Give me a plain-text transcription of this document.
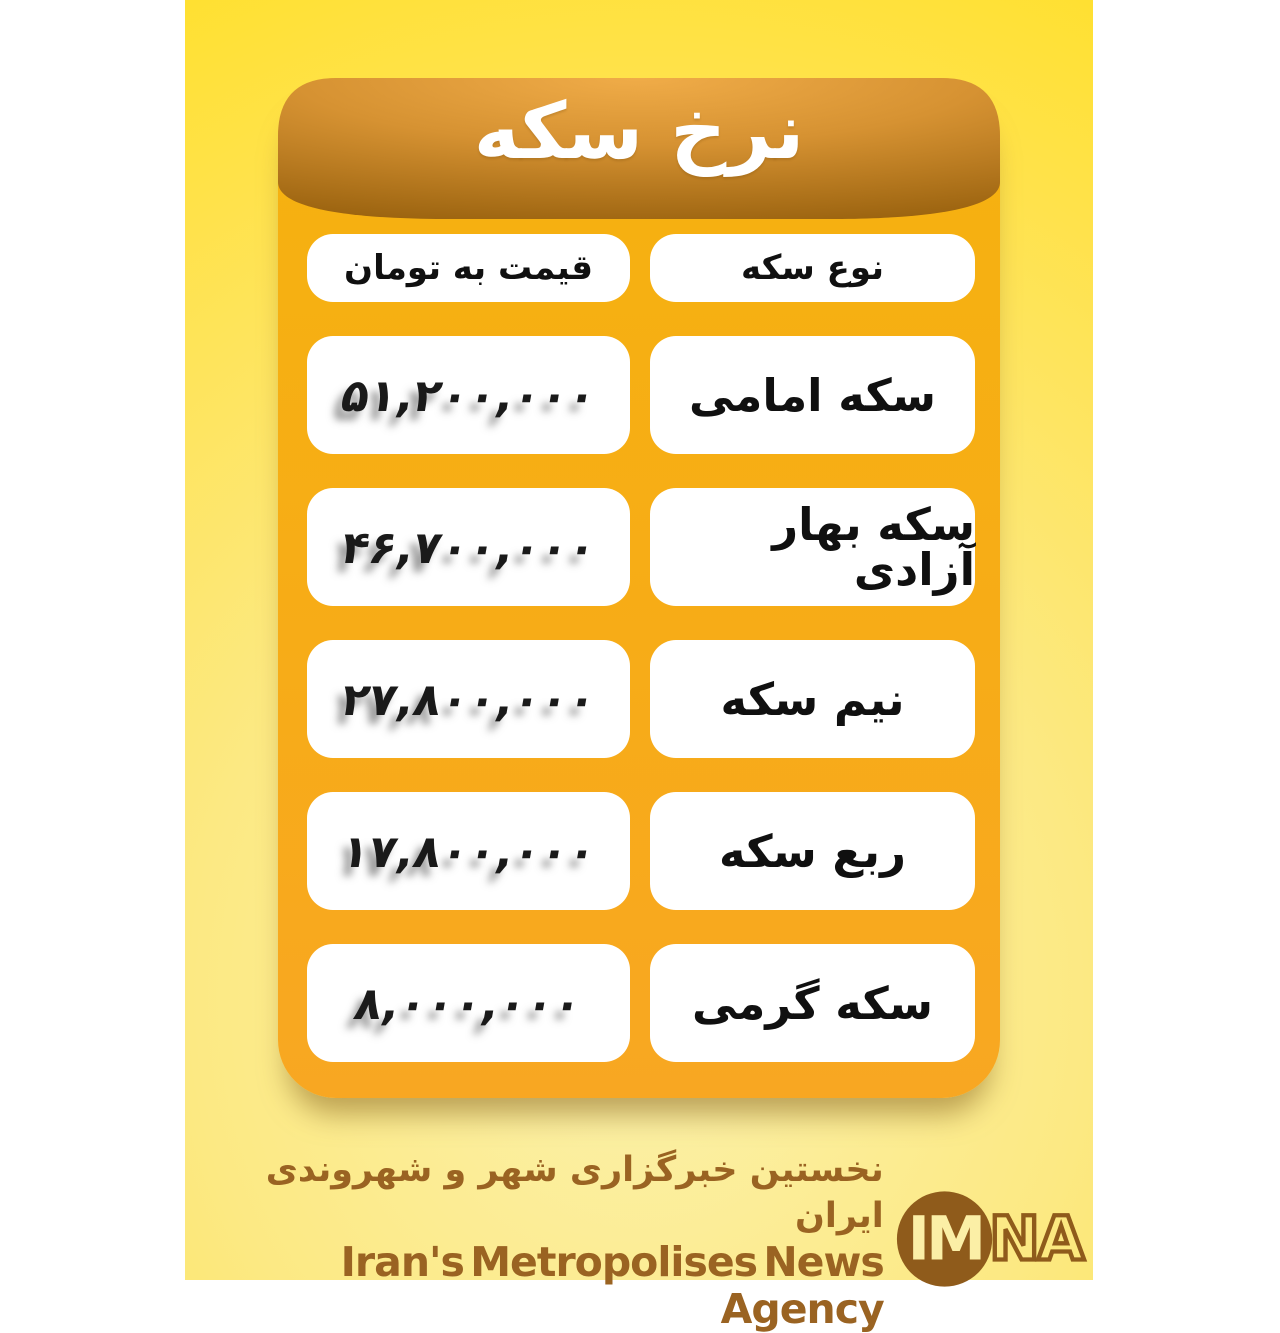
نرخ سکه
قیمت به تومان	نوع سکه
۵۱,۲۰۰,۰۰۰	سکه امامی
۴۶,۷۰۰,۰۰۰	سکه بهار آزادی
۲۷,۸۰۰,۰۰۰	نیم سکه
۱۷,۸۰۰,۰۰۰	ربع سکه
۸,۰۰۰,۰۰۰	سکه گرمی
نخستین خبرگزاری شهر و شهروندی ایران
Iran's Metropolises News Agency
IM NA
